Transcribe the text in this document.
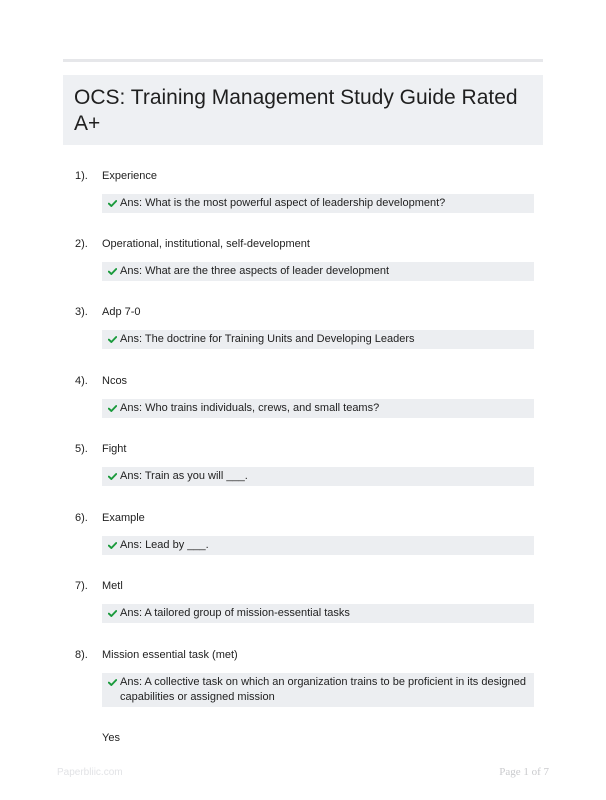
OCS: Training Management Study Guide Rated A+
1). Experience
Ans: What is the most powerful aspect of leadership development?
2). Operational, institutional, self-development
Ans: What are the three aspects of leader development
3). Adp 7-0
Ans: The doctrine for Training Units and Developing Leaders
4). Ncos
Ans: Who trains individuals, crews, and small teams?
5). Fight
Ans: Train as you will ___.
6). Example
Ans: Lead by ___.
7). Metl
Ans: A tailored group of mission-essential tasks
8). Mission essential task (met)
Ans: A collective task on which an organization trains to be proficient in its designed capabilities or assigned mission
Yes
Paperbliic.com	Page 1 of 7
